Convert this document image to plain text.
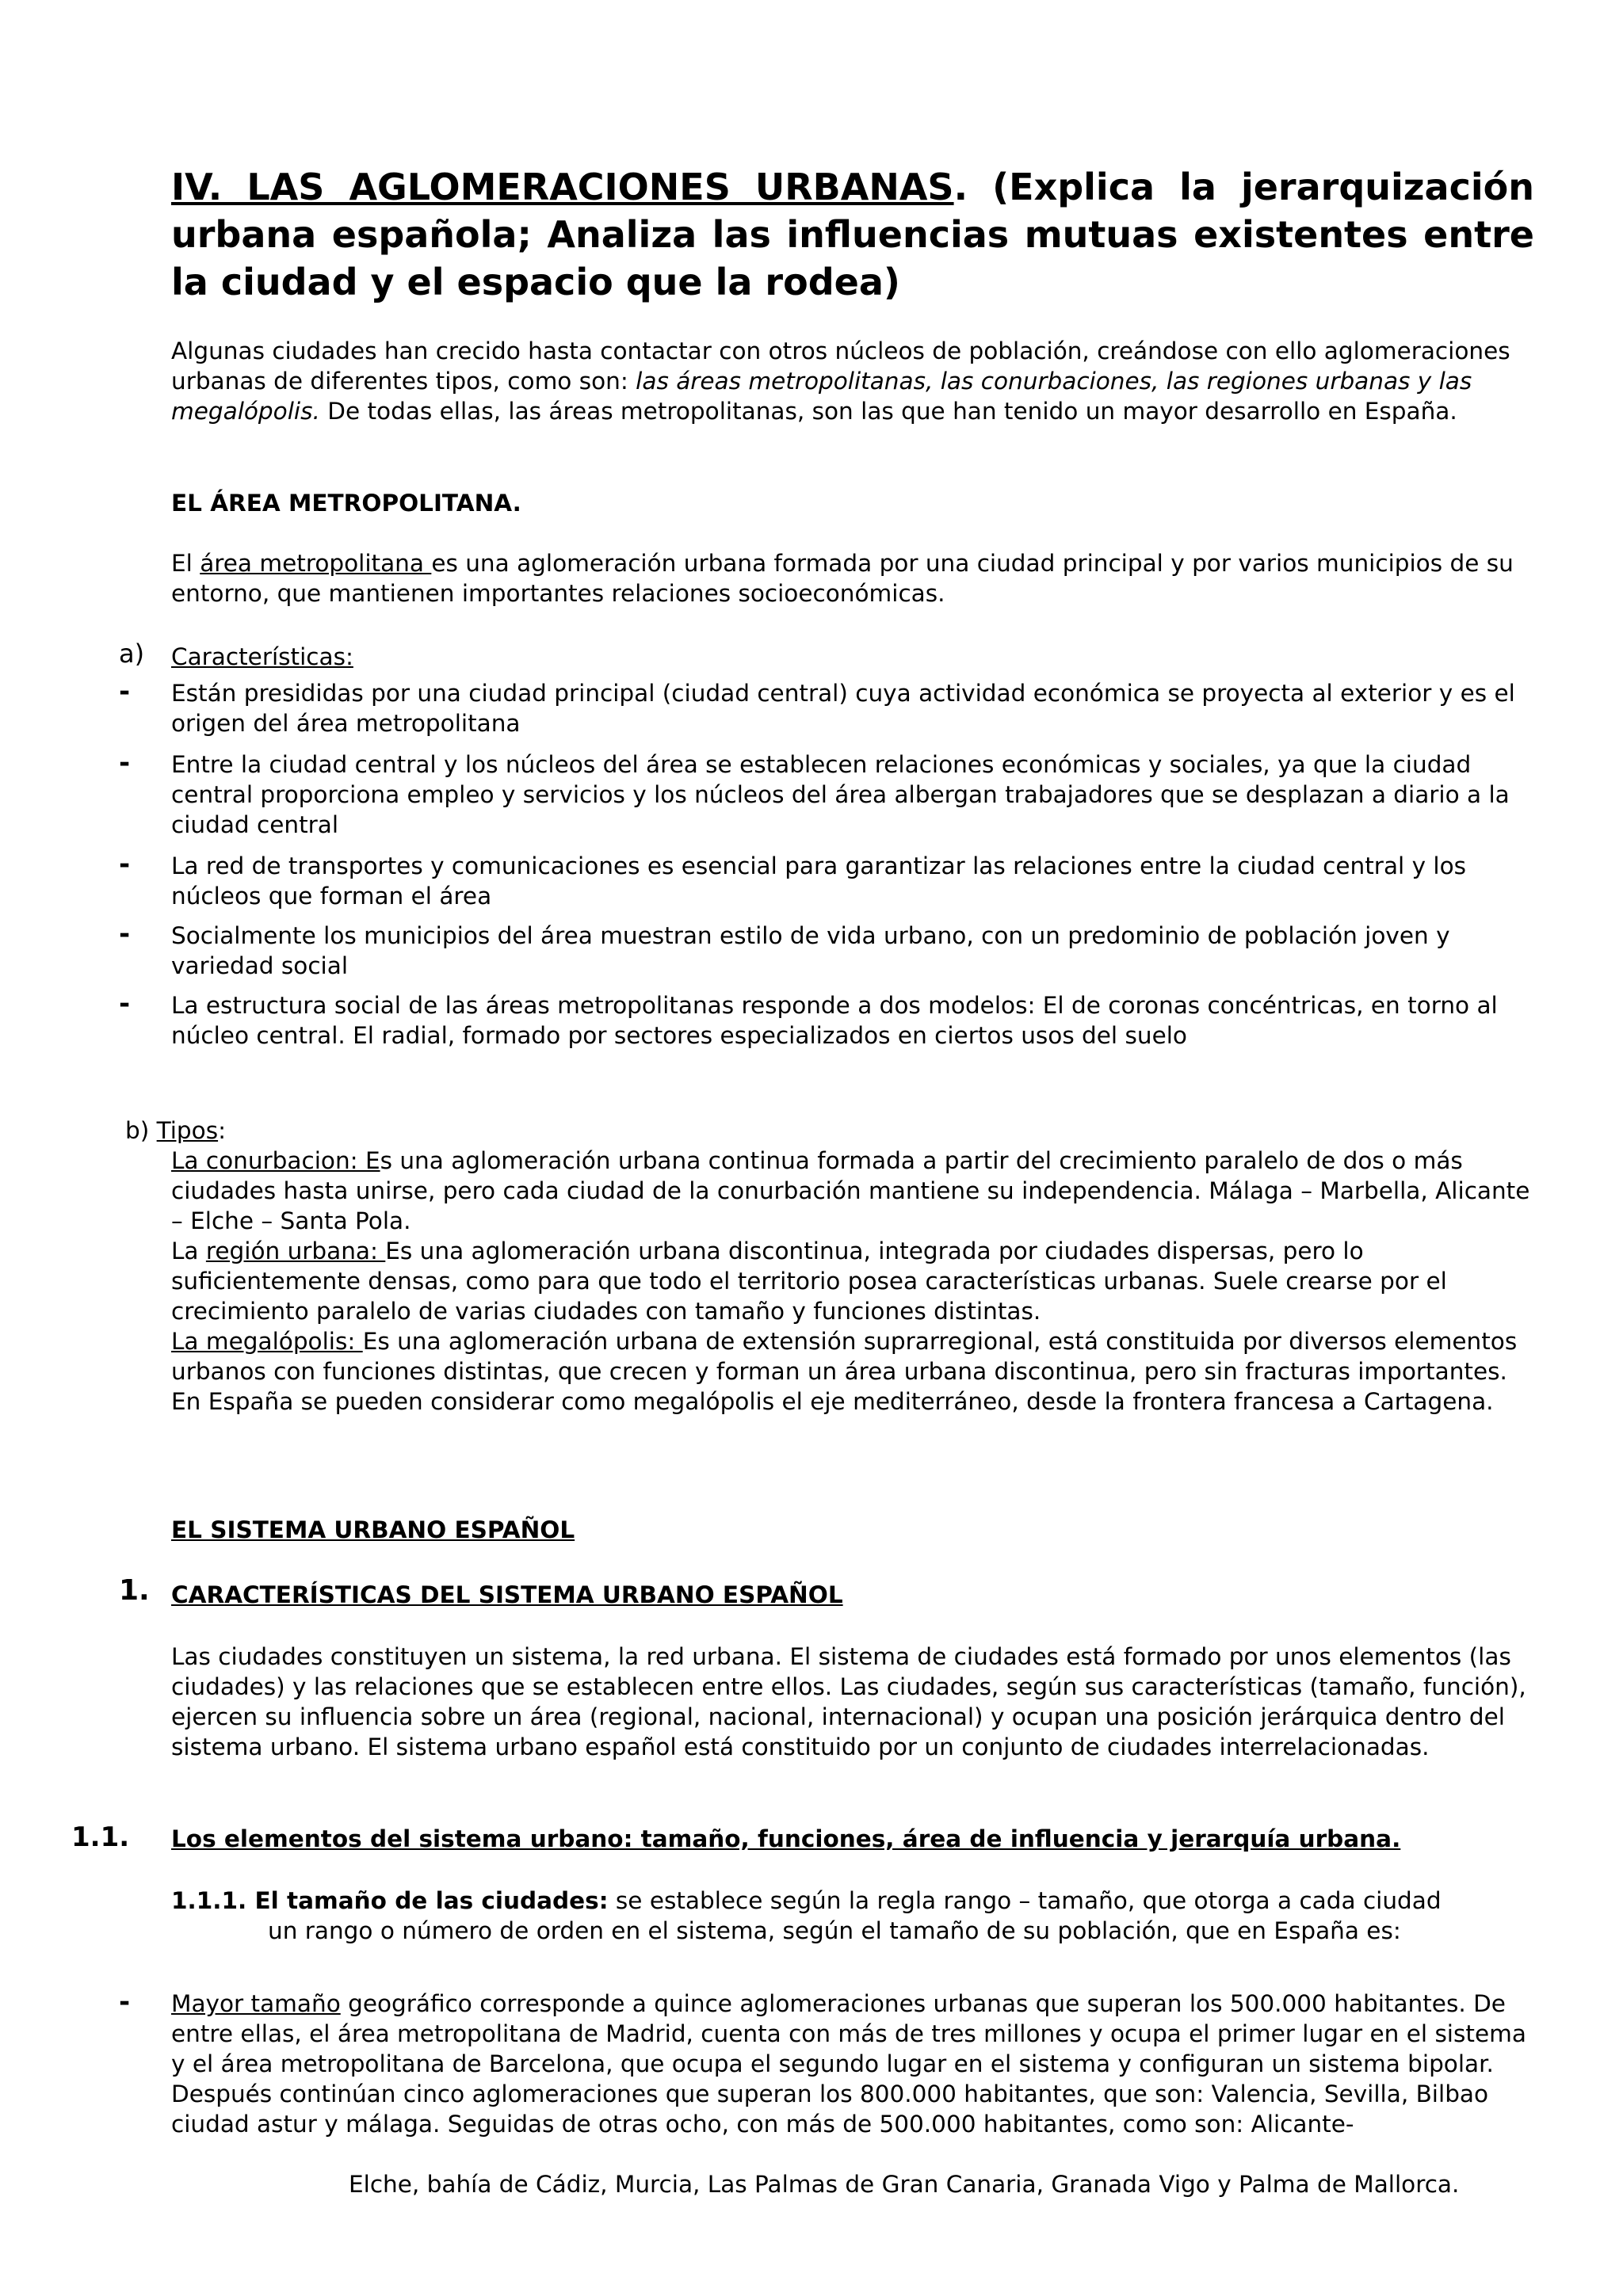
IV. LAS AGLOMERACIONES URBANAS. (Explica la jerarquización urbana española; Analiza las influencias mutuas existentes entre la ciudad y el espacio que la rodea)
Algunas ciudades han crecido hasta contactar con otros núcleos de población, creándose con ello aglomeraciones urbanas de diferentes tipos, como son: las áreas metropolitanas, las conurbaciones, las regiones urbanas y las megalópolis. De todas ellas, las áreas metropolitanas, son las que han tenido un mayor desarrollo en España.
EL ÁREA METROPOLITANA.
El área metropolitana es una aglomeración urbana formada por una ciudad principal y por varios municipios de su entorno, que mantienen importantes relaciones socioeconómicas.
a) Características:
- Están presididas por una ciudad principal (ciudad central) cuya actividad económica se proyecta al exterior y es el origen del área metropolitana
- Entre la ciudad central y los núcleos del área se establecen relaciones económicas y sociales, ya que la ciudad central proporciona empleo y servicios y los núcleos del área albergan trabajadores que se desplazan a diario a la ciudad central
- La red de transportes y comunicaciones es esencial para garantizar las relaciones entre la ciudad central y los núcleos que forman el área
- Socialmente los municipios del área muestran estilo de vida urbano, con un predominio de población joven y variedad social
- La estructura social de las áreas metropolitanas responde a dos modelos: El de coronas concéntricas, en torno al núcleo central. El radial, formado por sectores especializados en ciertos usos del suelo
b) Tipos:
La conurbacion: Es una aglomeración urbana continua formada a partir del crecimiento paralelo de dos o más ciudades hasta unirse, pero cada ciudad de la conurbación mantiene su independencia. Málaga – Marbella, Alicante – Elche – Santa Pola.
La región urbana: Es una aglomeración urbana discontinua, integrada por ciudades dispersas, pero lo suficientemente densas, como para que todo el territorio posea características urbanas. Suele crearse por el crecimiento paralelo de varias ciudades con tamaño y funciones distintas.
La megalópolis: Es una aglomeración urbana de extensión suprarregional, está constituida por diversos elementos urbanos con funciones distintas, que crecen y forman un área urbana discontinua, pero sin fracturas importantes. En España se pueden considerar como megalópolis el eje mediterráneo, desde la frontera francesa a Cartagena.
EL SISTEMA URBANO ESPAÑOL
1. CARACTERÍSTICAS DEL SISTEMA URBANO ESPAÑOL
Las ciudades constituyen un sistema, la red urbana. El sistema de ciudades está formado por unos elementos (las ciudades) y las relaciones que se establecen entre ellos. Las ciudades, según sus características (tamaño, función), ejercen su influencia sobre un área (regional, nacional, internacional) y ocupan una posición jerárquica dentro del sistema urbano. El sistema urbano español está constituido por un conjunto de ciudades interrelacionadas.
1.1. Los elementos del sistema urbano: tamaño, funciones, área de influencia y jerarquía urbana.
1.1.1. El tamaño de las ciudades: se establece según la regla rango – tamaño, que otorga a cada ciudad
un rango o número de orden en el sistema, según el tamaño de su población, que en España es:
- Mayor tamaño geográfico corresponde a quince aglomeraciones urbanas que superan los 500.000 habitantes. De entre ellas, el área metropolitana de Madrid, cuenta con más de tres millones y ocupa el primer lugar en el sistema y el área metropolitana de Barcelona, que ocupa el segundo lugar en el sistema y configuran un sistema bipolar. Después continúan cinco aglomeraciones que superan los 800.000 habitantes, que son: Valencia, Sevilla, Bilbao ciudad astur y málaga. Seguidas de otras ocho, con más de 500.000 habitantes, como son: Alicante-
Elche, bahía de Cádiz, Murcia, Las Palmas de Gran Canaria, Granada Vigo y Palma de Mallorca.
